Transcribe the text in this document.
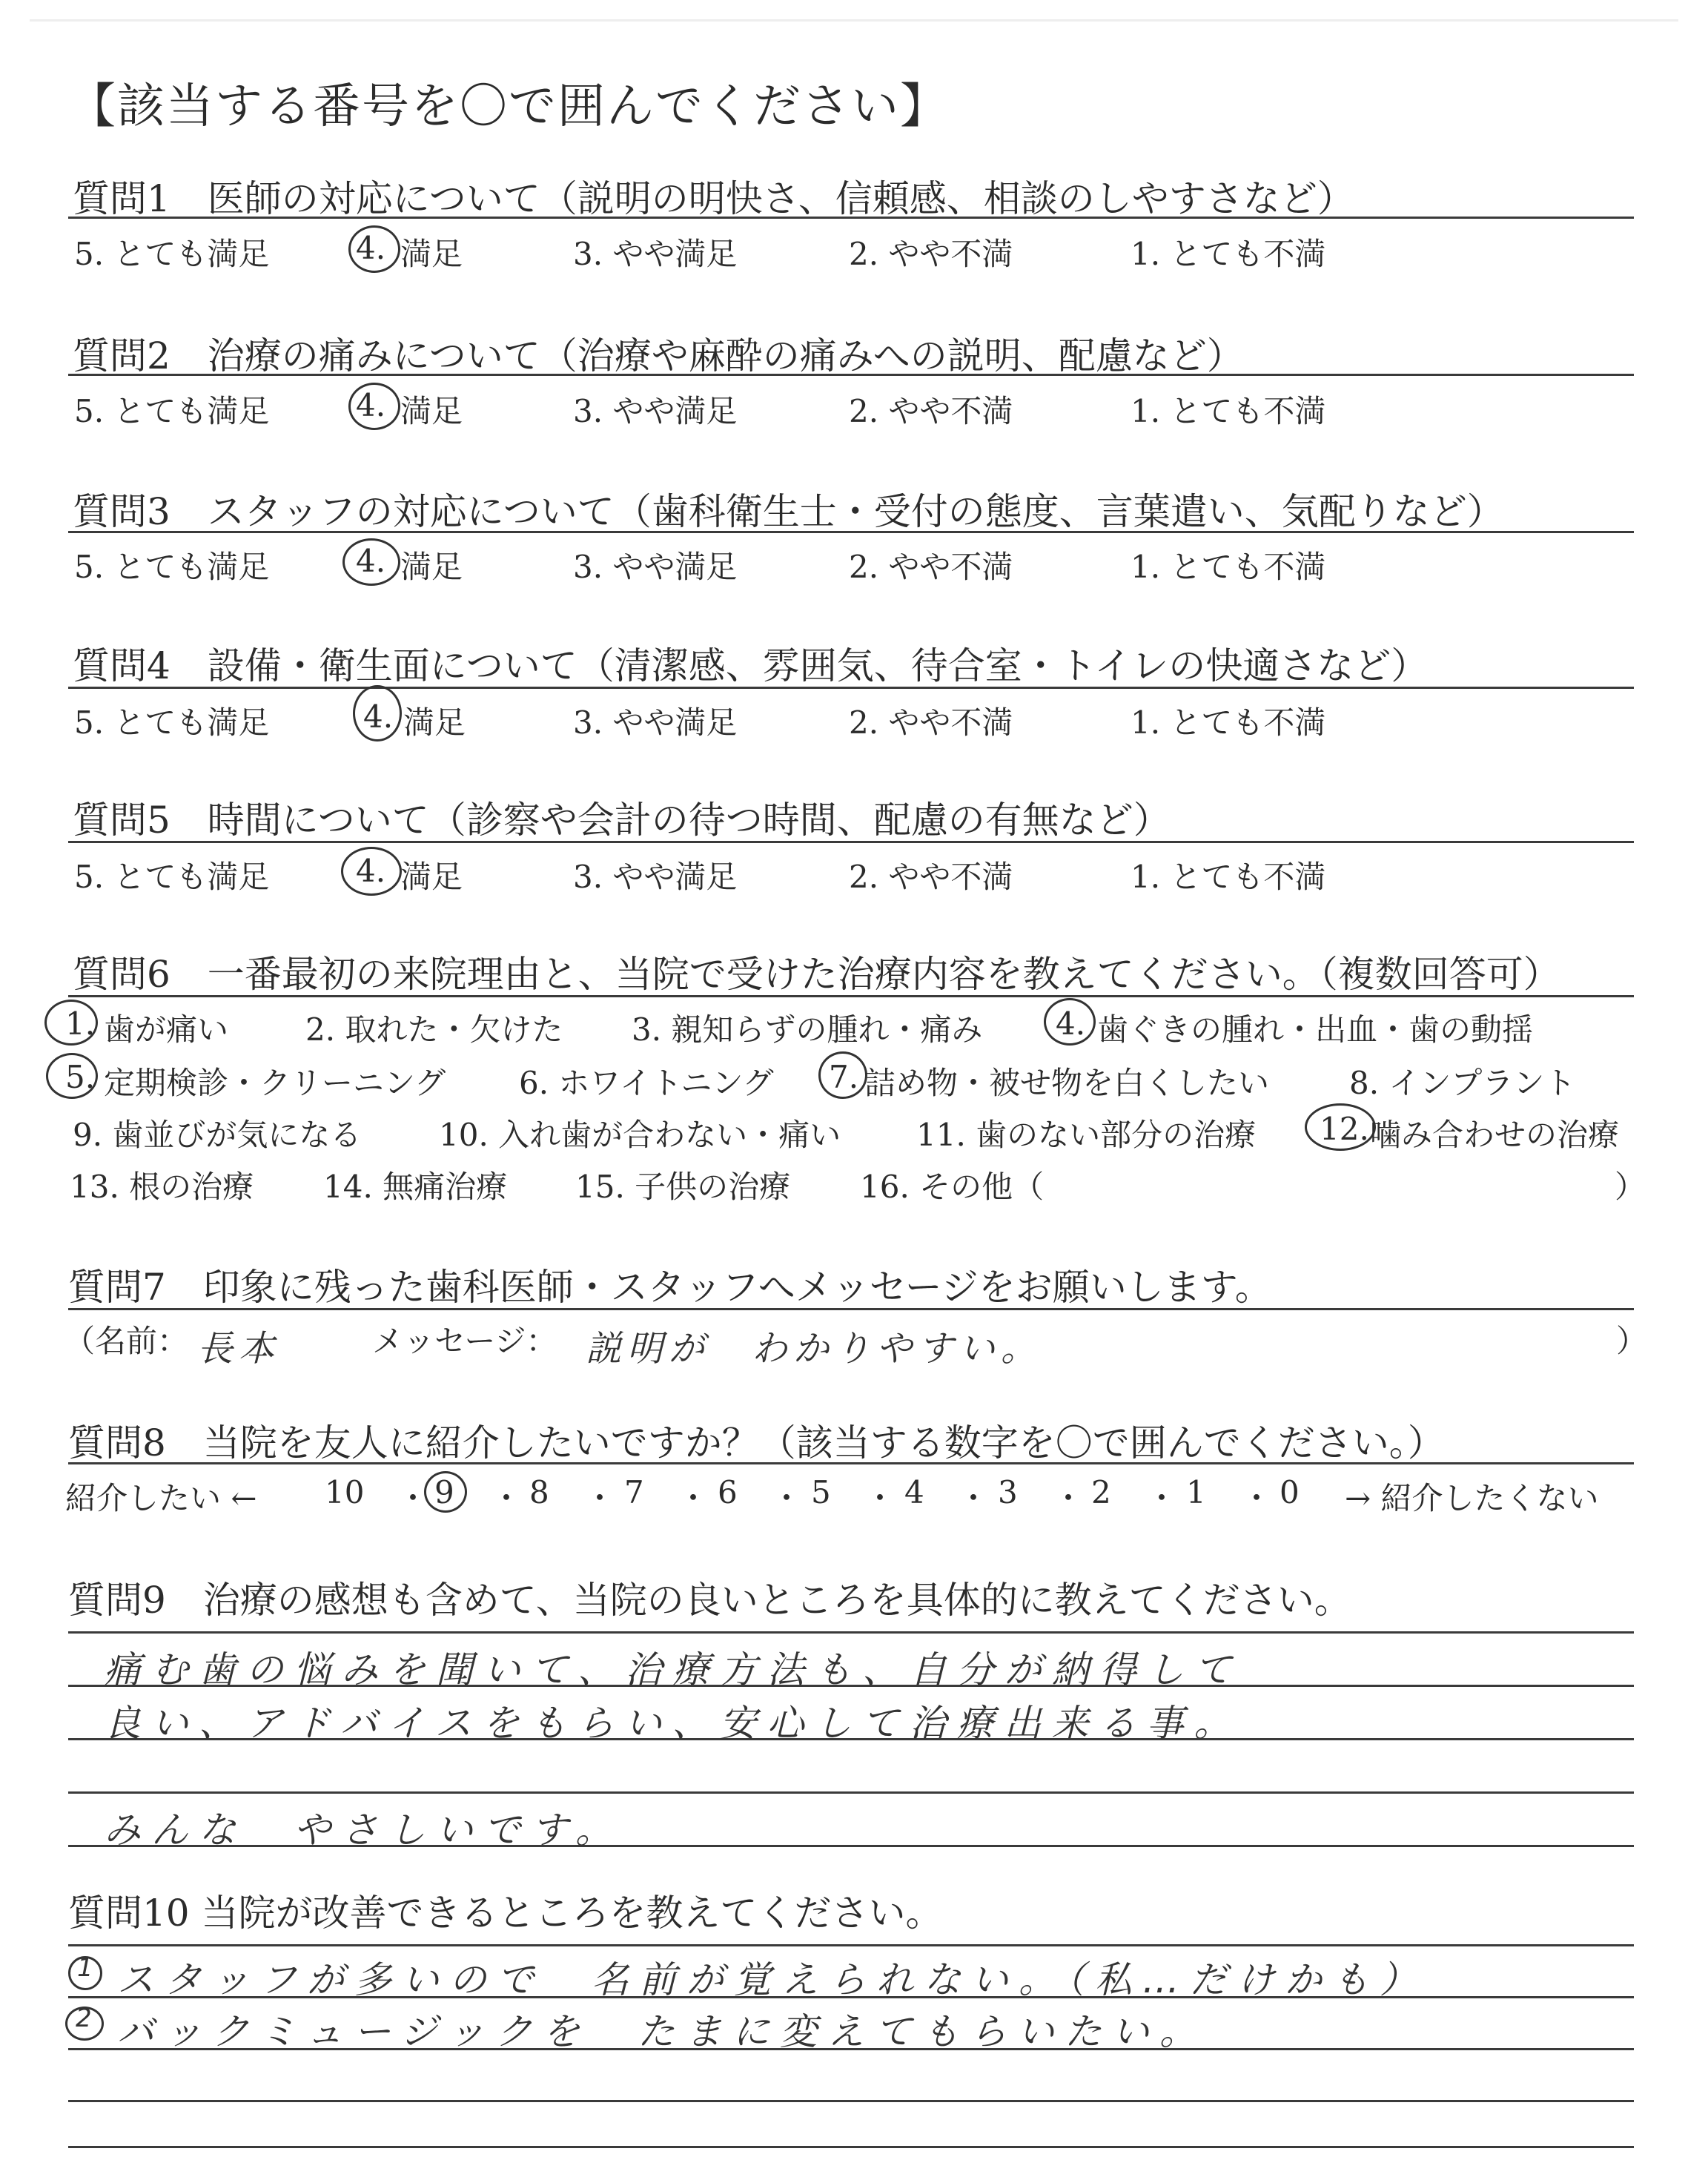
【該当する番号を〇で囲んでください】
質問1　医師の対応について（説明の明快さ、信頼感、相談のしやすさなど）
5. とても満足	4. 満足	3. やや満足	2. やや不満	1. とても不満
質問2　治療の痛みについて（治療や麻酔の痛みへの説明、配慮など）
5. とても満足	4. 満足	3. やや満足	2. やや不満	1. とても不満
質問3　スタッフの対応について（歯科衛生士・受付の態度、言葉遣い、気配りなど）
5. とても満足	4. 満足	3. やや満足	2. やや不満	1. とても不満
質問4　設備・衛生面について（清潔感、雰囲気、待合室・トイレの快適さなど）
5. とても満足	4. 満足	3. やや満足	2. やや不満	1. とても不満
質問5　時間について（診察や会計の待つ時間、配慮の有無など）
5. とても満足	4. 満足	3. やや満足	2. やや不満	1. とても不満
質問6　一番最初の来院理由と、当院で受けた治療内容を教えてください。（複数回答可）
1. 歯が痛い 2. 取れた・欠けた 3. 親知らずの腫れ・痛み 4. 歯ぐきの腫れ・出血・歯の動揺
5. 定期検診・クリーニング 6. ホワイトニング 7. 詰め物・被せ物を白くしたい	8. インプラント
9. 歯並びが気になる 10. 入れ歯が合わない・痛い 11. 歯のない部分の治療 12. 噛み合わせの治療
13. 根の治療 14. 無痛治療 15. 子供の治療 16. その他（	）
質問7　印象に残った歯科医師・スタッフへメッセージをお願いします。
（名前： 長本	メッセージ： 説明が　わかりやすい。	）
質問8　当院を友人に紹介したいですか？（該当する数字を〇で囲んでください。）
紹介したい ← 10 ・ 9 ・ 8 ・ 7 ・ 6 ・ 5 ・ 4 ・ 3 ・ 2 ・ 1 ・ 0 → 紹介したくない
質問9　治療の感想も含めて、当院の良いところを具体的に教えてください。
痛む歯の悩みを聞いて、治療方法も、自分が納得して
良い、アドバイスをもらい、安心して治療出来る事。
みんな　やさしいです。
質問10 当院が改善できるところを教えてください。
1 スタッフが多いので　名前が覚えられない。（私…だけかも）
2 バックミュージックを　たまに変えてもらいたい。
